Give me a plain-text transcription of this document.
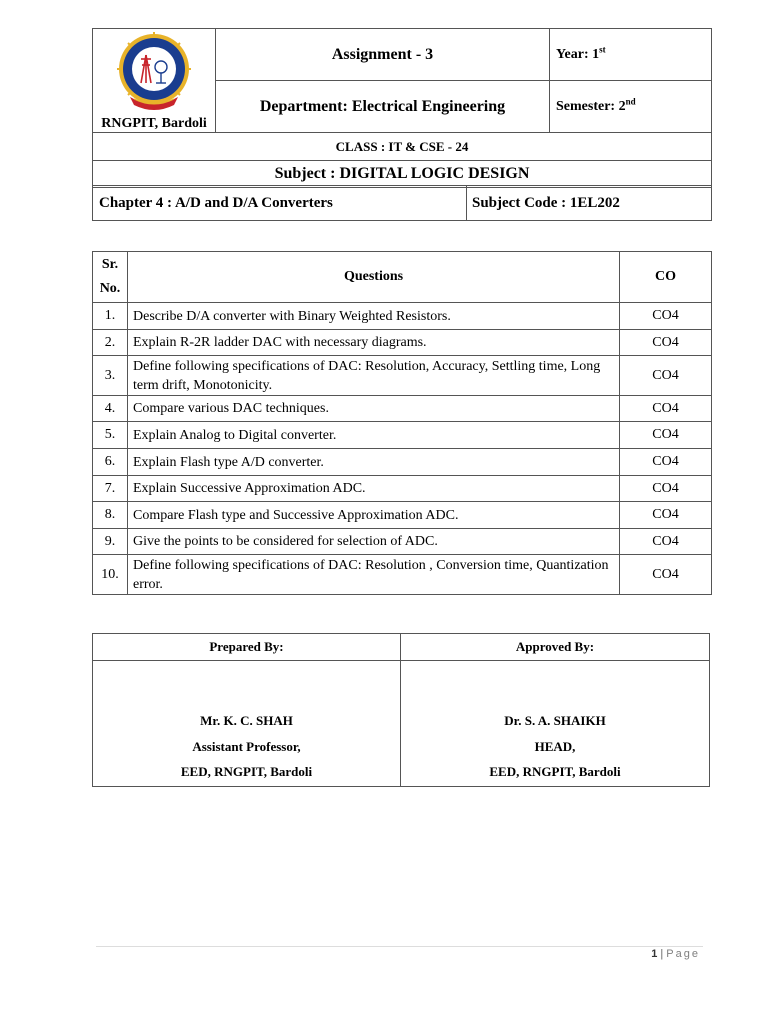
RNGPIT, Bardoli	Assignment - 3	Year: 1st
	Department: Electrical Engineering	Semester: 2nd
CLASS : IT & CSE - 24		
Subject : DIGITAL LOGIC DESIGN		
Chapter 4 : A/D and D/A Converters	Subject Code : 1EL202
Sr.
No.	Questions	CO
1.	Describe D/A converter with Binary Weighted Resistors.	CO4
2.	Explain R-2R ladder DAC with necessary diagrams.	CO4
3.	Define following specifications of DAC: Resolution, Accuracy, Settling time, Long term drift, Monotonicity.	CO4
4.	Compare various DAC techniques.	CO4
5.	Explain Analog to Digital converter.	CO4
6.	Explain Flash type A/D converter.	CO4
7.	Explain Successive Approximation ADC.	CO4
8.	Compare Flash type and Successive Approximation ADC.	CO4
9.	Give the points to be considered for selection of ADC.	CO4
10.	Define following specifications of DAC: Resolution , Conversion time, Quantization error.	CO4
Prepared By:	Approved By:

Mr. K. C. SHAH
Assistant Professor,
EED, RNGPIT, Bardoli	Dr. S. A. SHAIKH
HEAD,
EED, RNGPIT, Bardoli
1 | Page
